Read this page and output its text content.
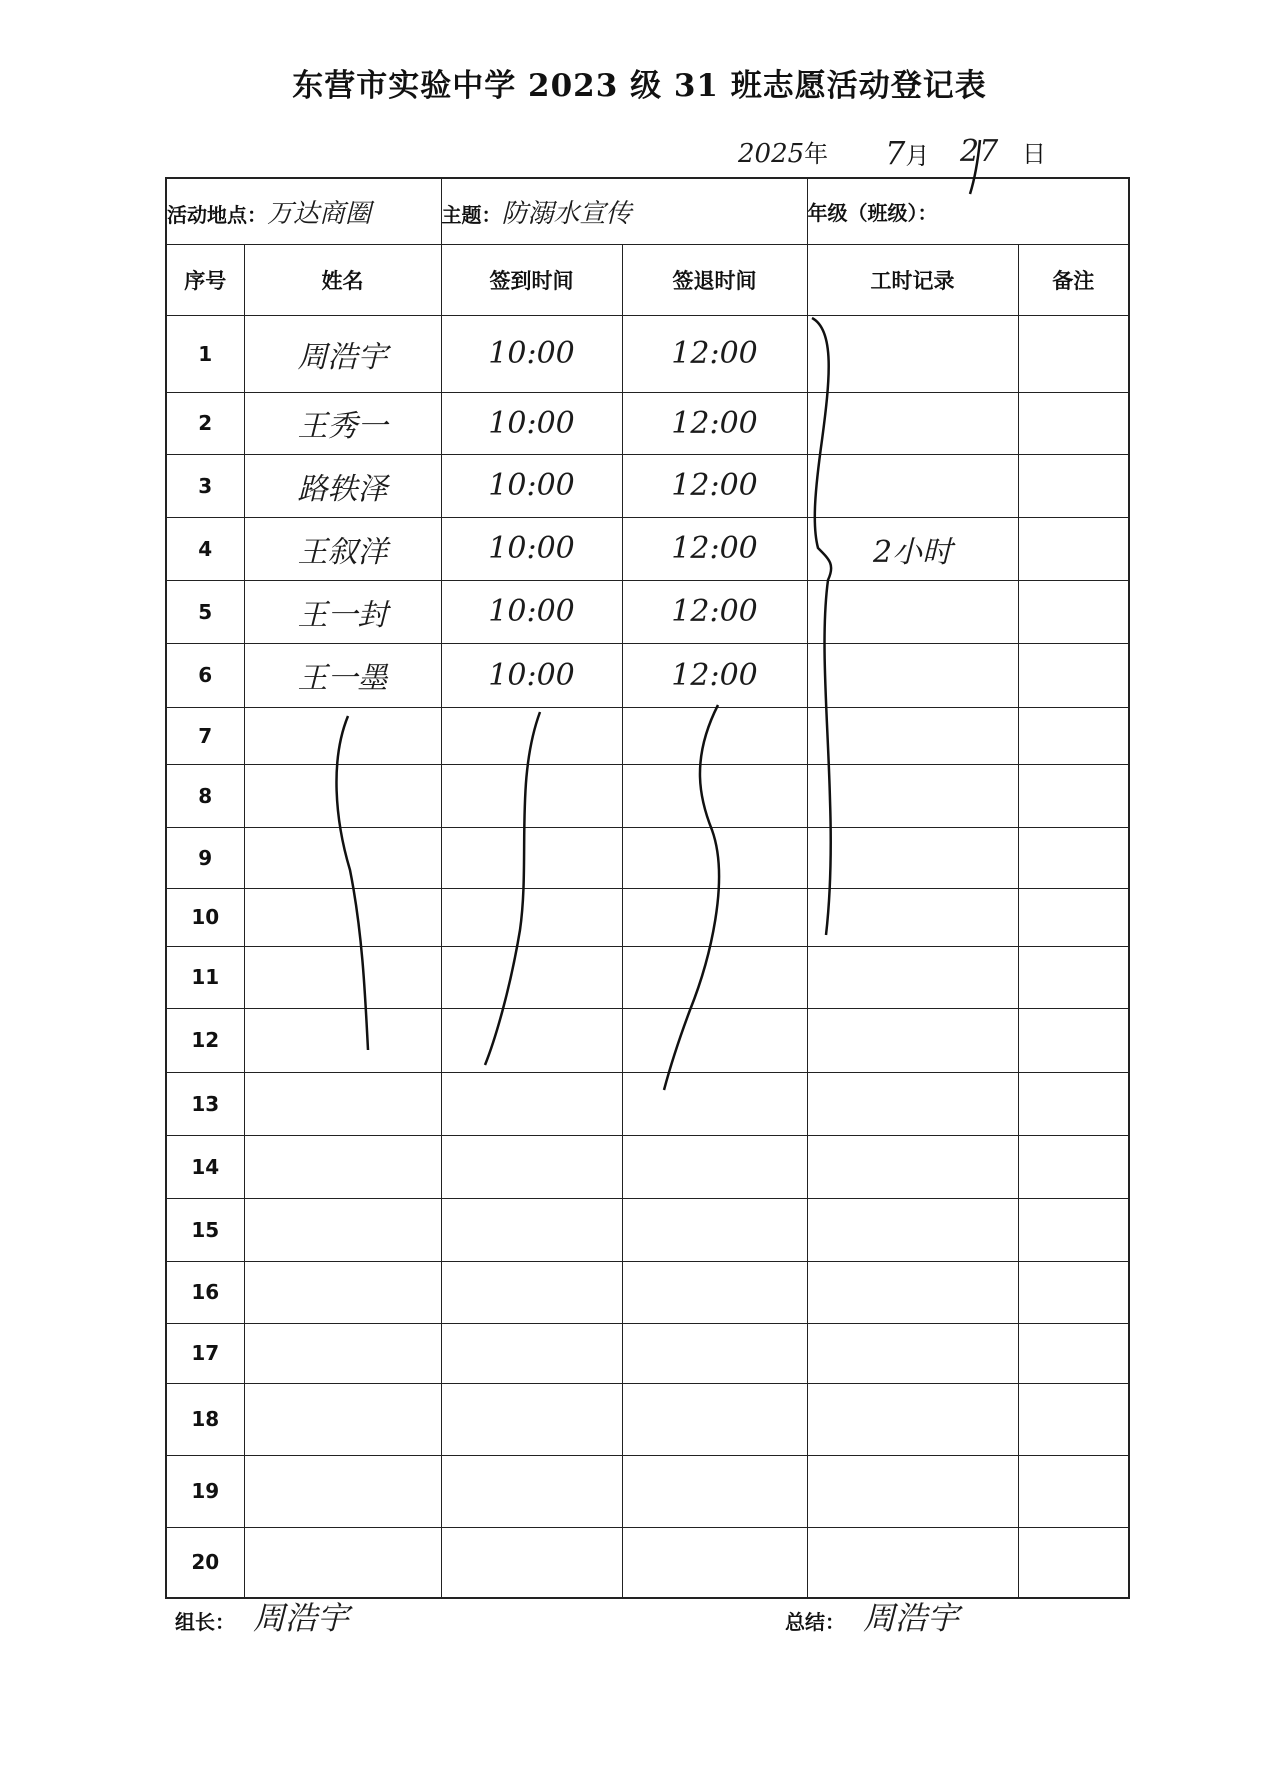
东营市实验中学 2023 级 31 班志愿活动登记表
2025年 7月 27 日
活动地点：万达商圈		主题：防溺水宣传		年级（班级）：	
序号	姓名	签到时间	签退时间	工时记录	备注
1	周浩宇	10:00	12:00		
2	王秀一	10:00	12:00		
3	路轶泽	10:00	12:00		
4	王叙洋	10:00	12:00	2小时	
5	王一封	10:00	12:00		
6	王一墨	10:00	12:00		
7					
8					
9					
10					
11					
12					
13					
14					
15					
16					
17					
18					
19					
20					
组长： 周浩宇	总结： 周浩宇
